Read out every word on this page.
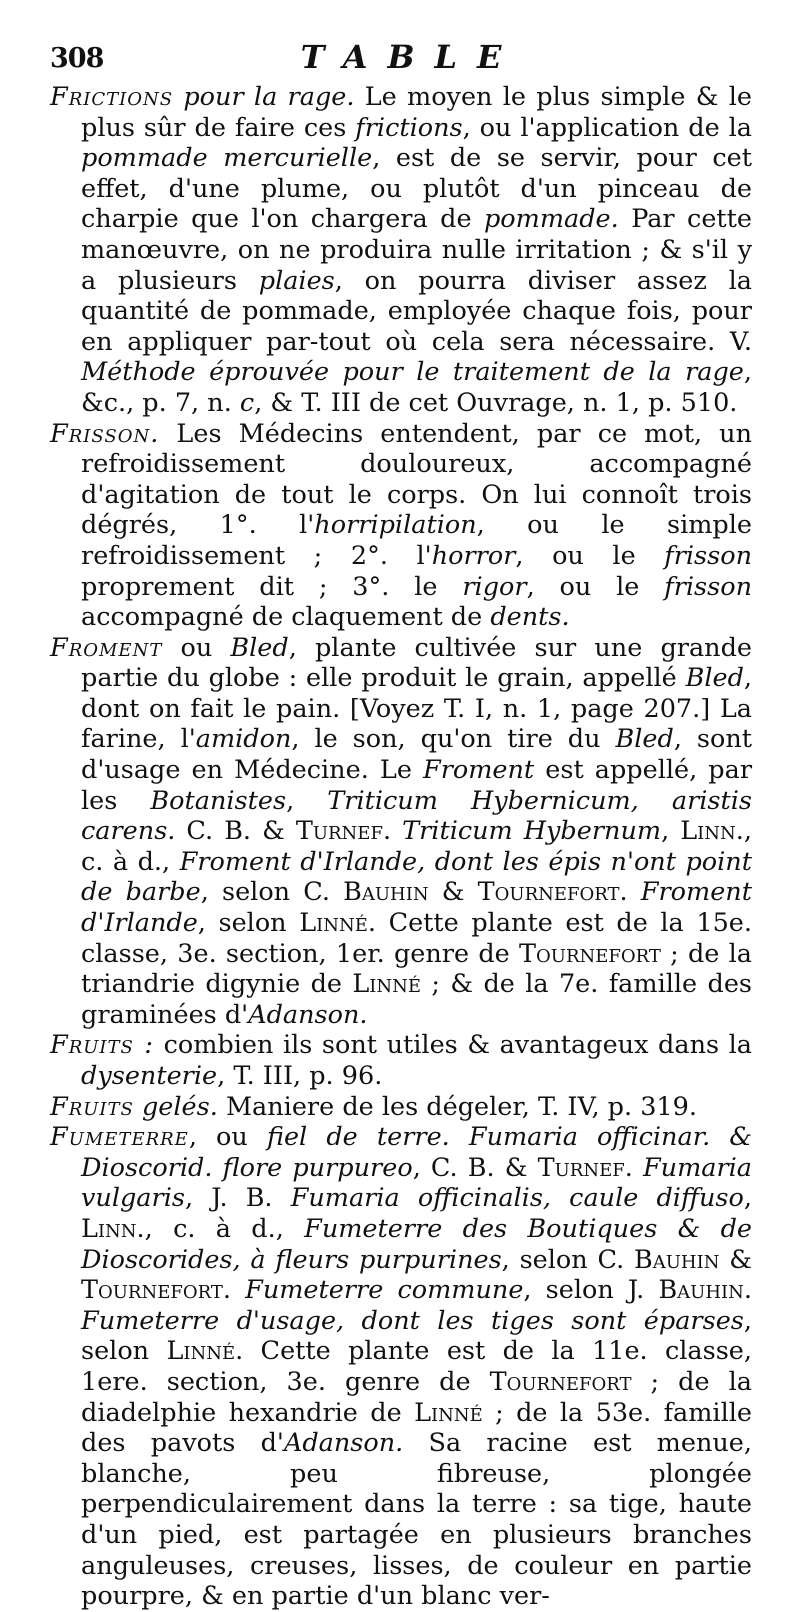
308	TABLE

Frictions pour la rage. Le moyen le plus simple & le plus sûr de faire ces frictions, ou l'application de la pommade mercurielle, est de se servir, pour cet effet, d'une plume, ou plutôt d'un pinceau de charpie que l'on chargera de pommade. Par cette manœuvre, on ne produira nulle irritation ; & s'il y a plusieurs plaies, on pourra diviser assez la quantité de pommade, employée chaque fois, pour en appliquer par-tout où cela sera nécessaire. V. Méthode éprouvée pour le traitement de la rage, &c., p. 7, n. c, & T. III de cet Ouvrage, n. 1, p. 510.

Frisson. Les Médecins entendent, par ce mot, un refroidissement douloureux, accompagné d'agitation de tout le corps. On lui connoît trois dégrés, 1°. l'horripilation, ou le simple refroidissement ; 2°. l'horror, ou le frisson proprement dit ; 3°. le rigor, ou le frisson accompagné de claquement de dents.

Froment ou Bled, plante cultivée sur une grande partie du globe : elle produit le grain, appellé Bled, dont on fait le pain. [Voyez T. I, n. 1, page 207.] La farine, l'amidon, le son, qu'on tire du Bled, sont d'usage en Médecine. Le Froment est appellé, par les Botanistes, Triticum Hybernicum, aristis carens. C. B. & Turnef. Triticum Hybernum, Linn., c. à d., Froment d'Irlande, dont les épis n'ont point de barbe, selon C. Bauhin & Tournefort. Froment d'Irlande, selon Linné. Cette plante est de la 15e. classe, 3e. section, 1er. genre de Tournefort ; de la triandrie digynie de Linné ; & de la 7e. famille des graminées d'Adanson.

Fruits : combien ils sont utiles & avantageux dans la dysenterie, T. III, p. 96.

Fruits gelés. Maniere de les dégeler, T. IV, p. 319.

Fumeterre, ou fiel de terre. Fumaria officinar. & Dioscorid. flore purpureo, C. B. & Turnef. Fumaria vulgaris, J. B. Fumaria officinalis, caule diffuso, Linn., c. à d., Fumeterre des Boutiques & de Dioscorides, à fleurs purpurines, selon C. Bauhin & Tournefort. Fumeterre commune, selon J. Bauhin. Fumeterre d'usage, dont les tiges sont éparses, selon Linné. Cette plante est de la 11e. classe, 1ere. section, 3e. genre de Tournefort ; de la diadelphie hexandrie de Linné ; de la 53e. famille des pavots d'Adanson. Sa racine est menue, blanche, peu fibreuse, plongée perpendiculairement dans la terre : sa tige, haute d'un pied, est partagée en plusieurs branches anguleuses, creuses, lisses, de couleur en partie pourpre, & en partie d'un blanc ver-
